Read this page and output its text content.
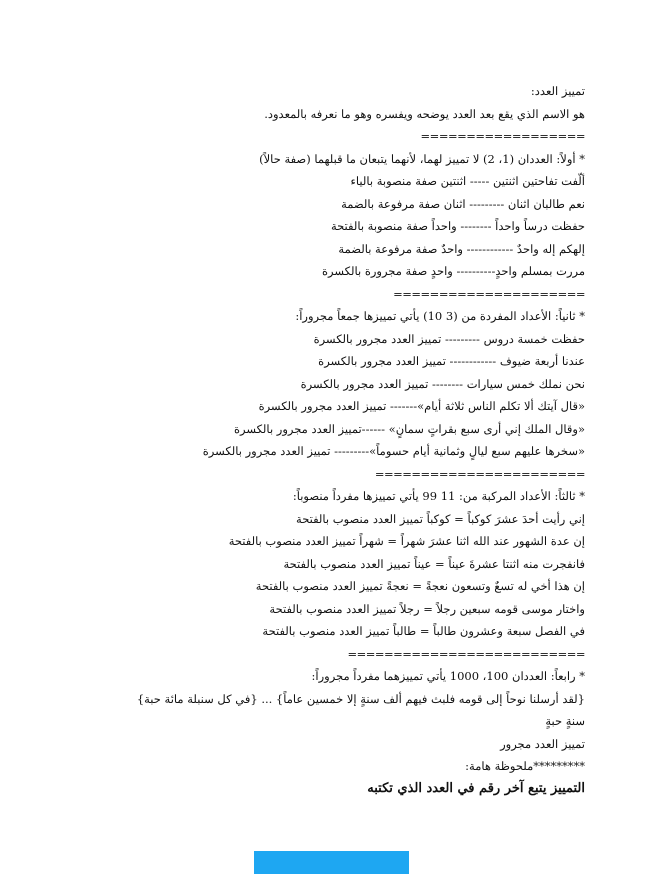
تمييز العدد:
هو الاسم الذي يقع بعد العدد يوضحه ويفسره وهو ما نعرفه بالمعدود.
==================
* أولاً: العددان (1، 2) لا تمييز لهما، لأنهما يتبعان ما قبلهما (صفة حالاً)
ألّفت تفاحتين اثنتين ----- اثنتين صفة منصوبة بالياء
نعم طالبان اثنان --------- اثنان صفة مرفوعة بالضمة
حفظت درساً واحداً -------- واحداً صفة منصوبة بالفتحة
إلهكم إله واحدٌ ------------ واحدٌ صفة مرفوعة بالضمة
مررت بمسلم واحدٍ---------- واحدٍ صفة مجرورة بالكسرة
=====================
* ثانياً: الأعداد المفردة من (3 10) يأتي تمييزها جمعاً مجروراً:
حفظت خمسة دروس --------- تمييز العدد مجرور بالكسرة
عندنا أربعة ضيوف ------------ تمييز العدد مجرور بالكسرة
نحن نملك خمس سيارات -------- تمييز العدد مجرور بالكسرة
«قال آيتك ألا تكلم الناس ثلاثة أيام»------- تمييز العدد مجرور بالكسرة
«وقال الملك إني أرى سبع بقراتٍ سمانٍ» ------تمييز العدد مجرور بالكسرة
«سخرها عليهم سبع ليالٍ وثمانية أيام حسوماً»--------- تمييز العدد مجرور بالكسرة
=======================
* ثالثاً: الأعداد المركبة من: 11 99 يأتي تمييزها مفرداً منصوباً:
إني رأيت أحدَ عشرَ كوكباً = كوكباً تمييز العدد منصوب بالفتحة
إن عدة الشهور عند الله اثنا عشرَ شهراً = شهراً تمييز العدد منصوب بالفتحة
فانفجرت منه اثنتا عشرةَ عيناً = عيناً تمييز العدد منصوب بالفتحة
إن هذا أخي له تسعٌ وتسعون نعجةً = نعجةً تمييز العدد منصوب بالفتحة
واختار موسى قومه سبعين رجلاً = رجلاً تمييز العدد منصوب بالفتحة
في الفصل سبعة وعشرون طالباً = طالباً تمييز العدد منصوب بالفتحة
==========================
* رابعاً: العددان 100، 1000 يأتي تمييزهما مفرداً مجروراً:
{لقد أرسلنا نوحاً إلى قومه فلبث فيهم ألف سنةٍ إلا خمسين عاماً} ... {في كل سنبلة مائة حبة}
سنةٍ حبةٍ
تمييز العدد مجرور
*********ملحوظة هامة:
التمييز يتبع آخر رقم في العدد الذي تكتبه
